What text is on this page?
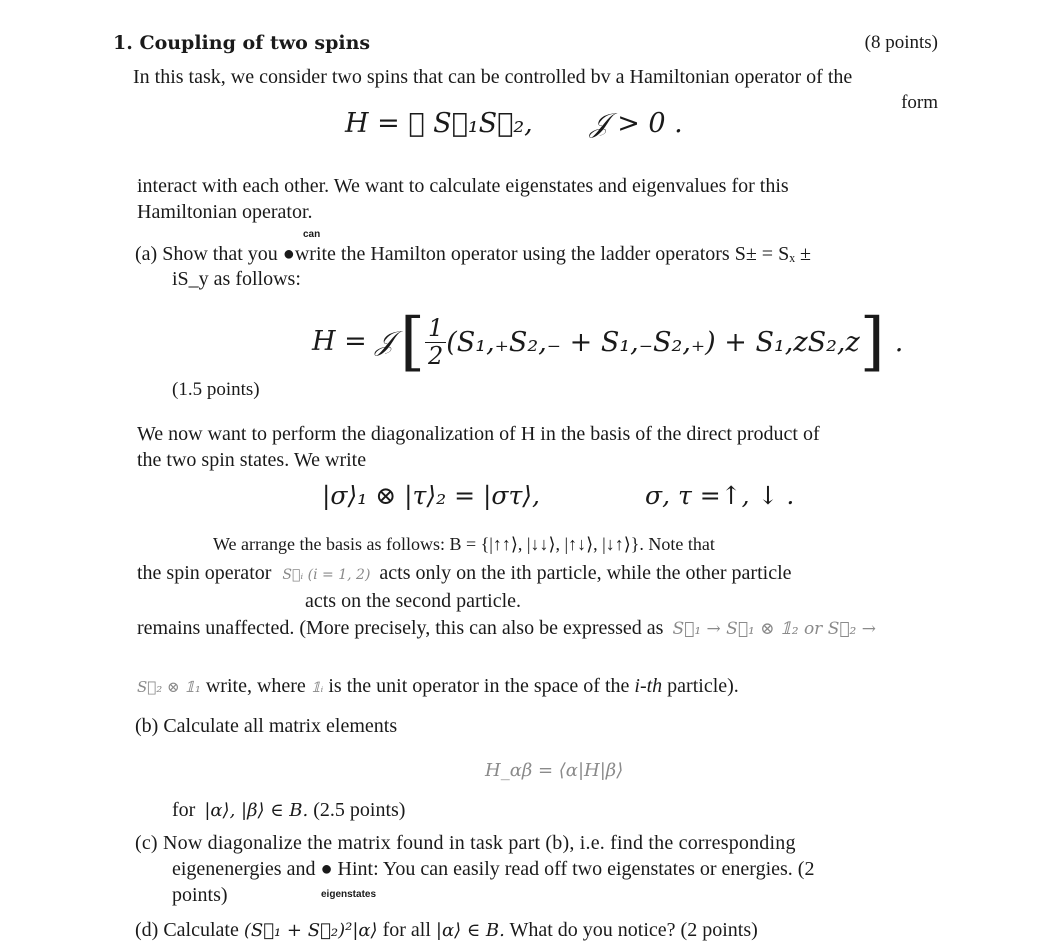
1. Coupling of two spins	(8 points)
In this task, we consider two spins that can be controlled bv a Hamiltonian operator of the
form
H = 𝒥 S⃗₁S⃗₂, 𝒥 > 0 .
interact with each other. We want to calculate eigenstates and eigenvalues for this
Hamiltonian operator.
can
(a) Show that you ●write the Hamilton operator using the ladder operators S± = Sₓ ±
iS_y as follows:
H = 𝒥 [ $\frac{1}{2} (S_1,_+S_2,_- + S_1,_-S_2,_+) + S_1,zS_2,z$ ] .
(1.5 points)
We now want to perform the diagonalization of H in the basis of the direct product of
the two spin states. We write
|σ⟩₁ ⊗ |τ⟩₂ = |στ⟩,	σ, τ =↑, ↓ .
We arrange the basis as follows: B = {|↑↑⟩, |↓↓⟩, |↑↓⟩, |↓↑⟩}. Note that
the spin operator S⃗ᵢ (i = 1, 2) acts only on the ith particle, while the other particle
acts on the second particle.
remains unaffected. (More precisely, this can also be expressed as S⃗₁ → S⃗₁ ⊗ 𝟙₂ or S⃗₂ →
S⃗₂ ⊗ 𝟙₁ write, where 𝟙ᵢ is the unit operator in the space of the i-th particle).
(b) Calculate all matrix elements
H_αβ = ⟨α|H|β⟩
for |α⟩, |β⟩ ∈ B. (2.5 points)
(c) Now diagonalize the matrix found in task part (b), i.e. find the corresponding
eigenenergies and ● Hint: You can easily read off two eigenstates or energies. (2
points)	eigenstates
(d) Calculate (S⃗₁ + S⃗₂)²|α⟩ for all |α⟩ ∈ B. What do you notice? (2 points)
